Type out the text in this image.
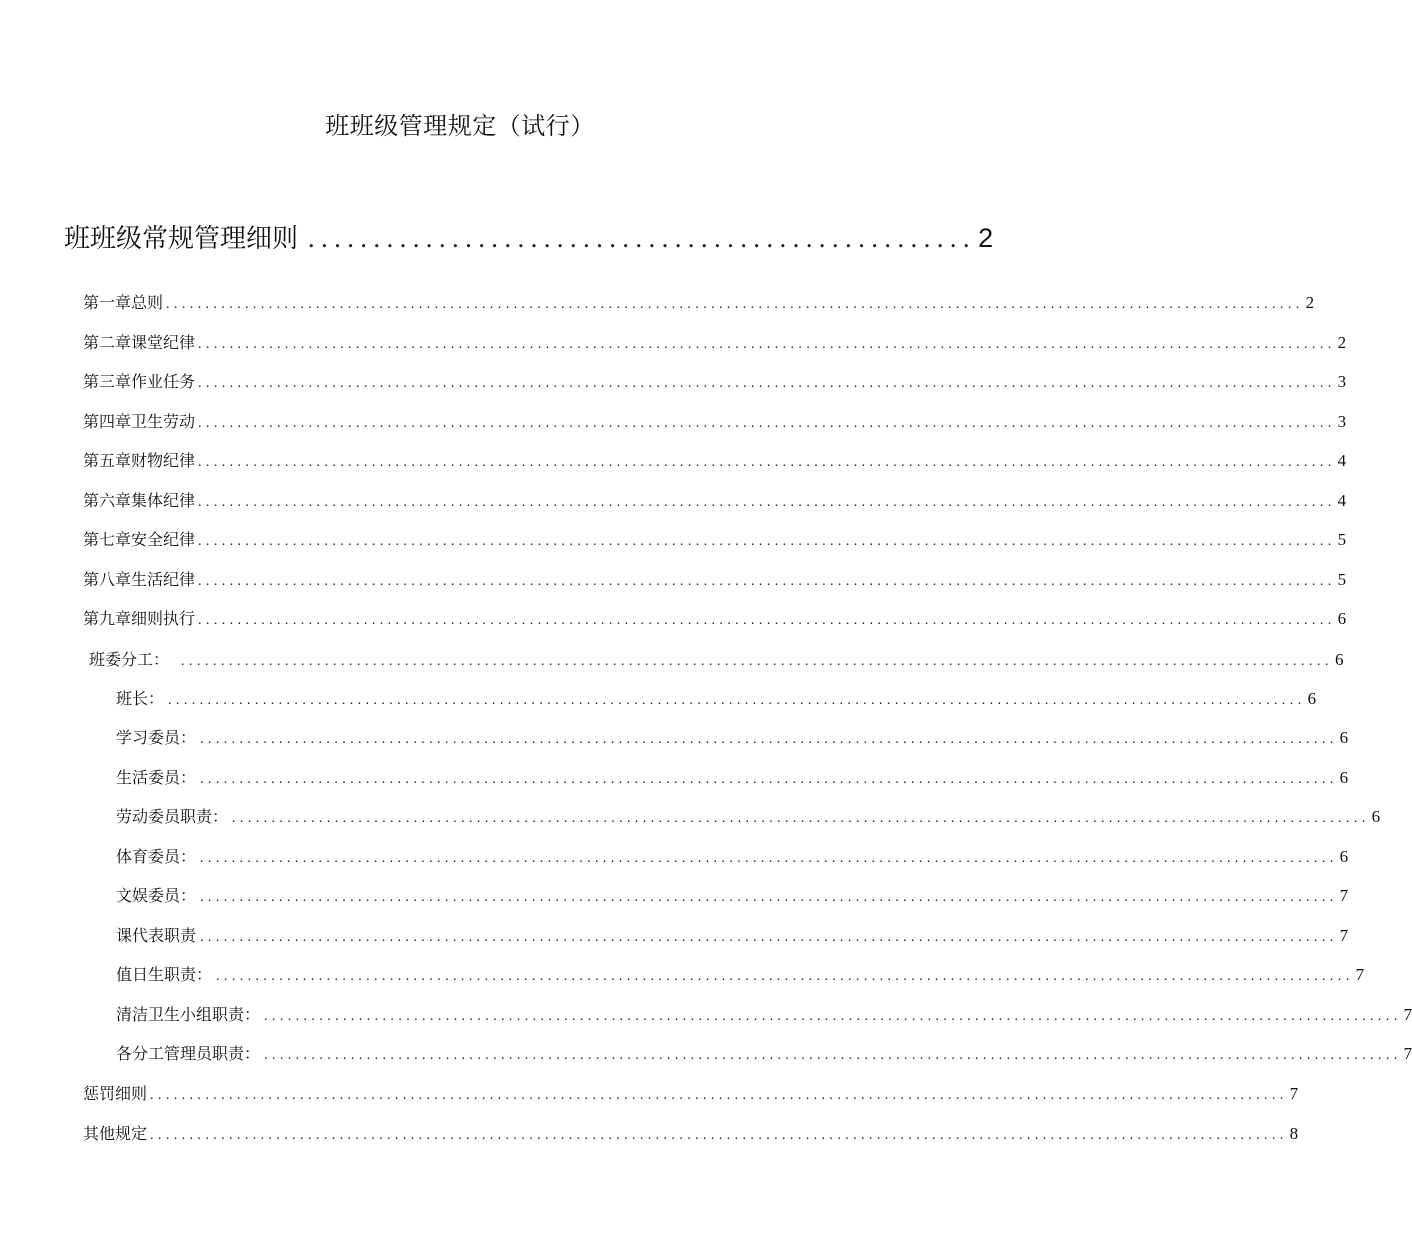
班班级管理规定（试行）
班班级常规管理细则 ................................................... 2
第一章总则 ................................................................................................................................................ 2
第二章课堂纪律 ................................................................................................................................................ 2
第三章作业任务 ................................................................................................................................................ 3
第四章卫生劳动 ................................................................................................................................................ 3
第五章财物纪律 ................................................................................................................................................ 4
第六章集体纪律 ................................................................................................................................................ 4
第七章安全纪律 ................................................................................................................................................ 5
第八章生活纪律 ................................................................................................................................................ 5
第九章细则执行 ................................................................................................................................................ 6
班委分工： ................................................................................................................................................ 6
班长： ................................................................................................................................................ 6
学习委员： ................................................................................................................................................ 6
生活委员： ................................................................................................................................................ 6
劳动委员职责： ................................................................................................................................................ 6
体育委员： ................................................................................................................................................ 6
文娱委员： ................................................................................................................................................ 7
课代表职责 ................................................................................................................................................ 7
值日生职责： ................................................................................................................................................ 7
清洁卫生小组职责： ................................................................................................................................................ 7
各分工管理员职责： ................................................................................................................................................ 7
惩罚细则 ................................................................................................................................................ 7
其他规定 ................................................................................................................................................ 8
